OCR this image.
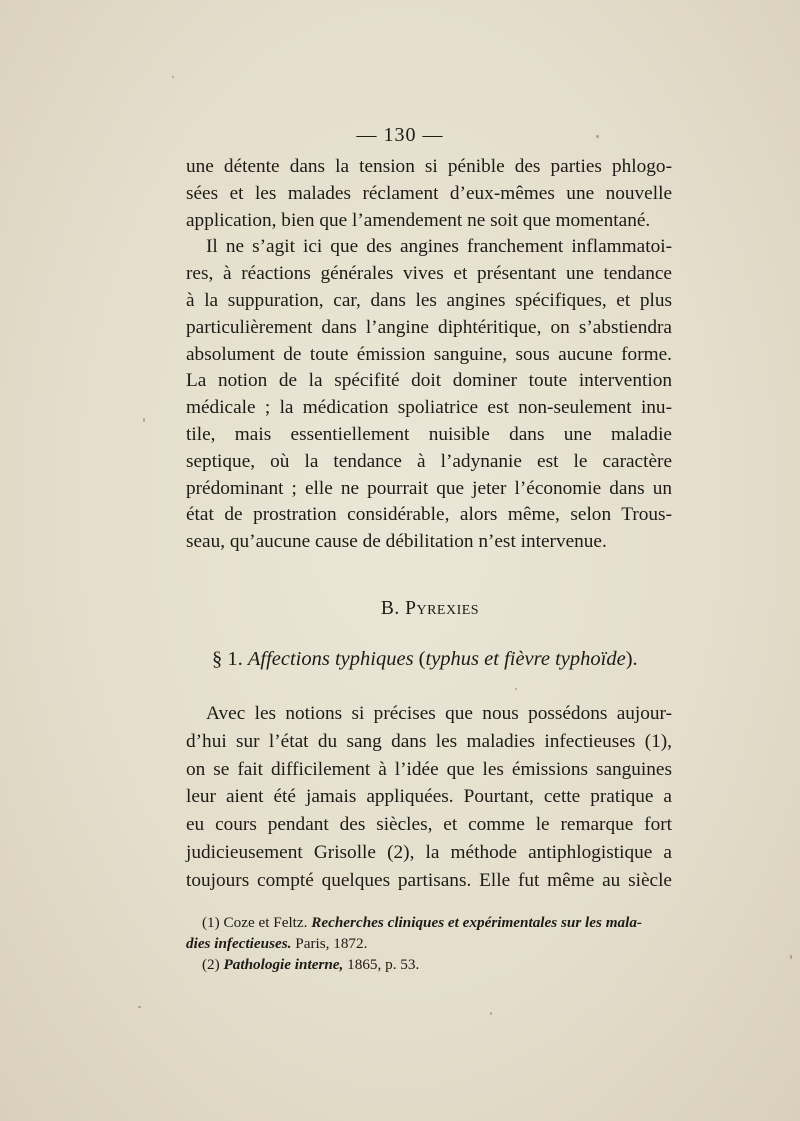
— 130 —
une détente dans la tension si pénible des parties phlogo-
sées et les malades réclament d’eux-mêmes une nouvelle
application, bien que l’amendement ne soit que momentané.
Il ne s’agit ici que des angines franchement inflammatoi-
res, à réactions générales vives et présentant une tendance
à la suppuration, car, dans les angines spécifiques, et plus
particulièrement dans l’angine diphtéritique, on s’abstiendra
absolument de toute émission sanguine, sous aucune forme.
La notion de la spécifité doit dominer toute intervention
médicale ; la médication spoliatrice est non-seulement inu-
tile, mais essentiellement nuisible dans une maladie
septique, où la tendance à l’adynanie est le caractère
prédominant ; elle ne pourrait que jeter l’économie dans un
état de prostration considérable, alors même, selon Trous-
seau, qu’aucune cause de débilitation n’est intervenue.
B. Pyrexies
§ 1. Affections typhiques (typhus et fièvre typhoïde).
Avec les notions si précises que nous possédons aujour-
d’hui sur l’état du sang dans les maladies infectieuses (1),
on se fait difficilement à l’idée que les émissions sanguines
leur aient été jamais appliquées. Pourtant, cette pratique a
eu cours pendant des siècles, et comme le remarque fort
judicieusement Grisolle (2), la méthode antiphlogistique a
toujours compté quelques partisans. Elle fut même au siècle
(1) Coze et Feltz. Recherches cliniques et expérimentales sur les mala-
dies infectieuses. Paris, 1872.
(2) Pathologie interne, 1865, p. 53.
